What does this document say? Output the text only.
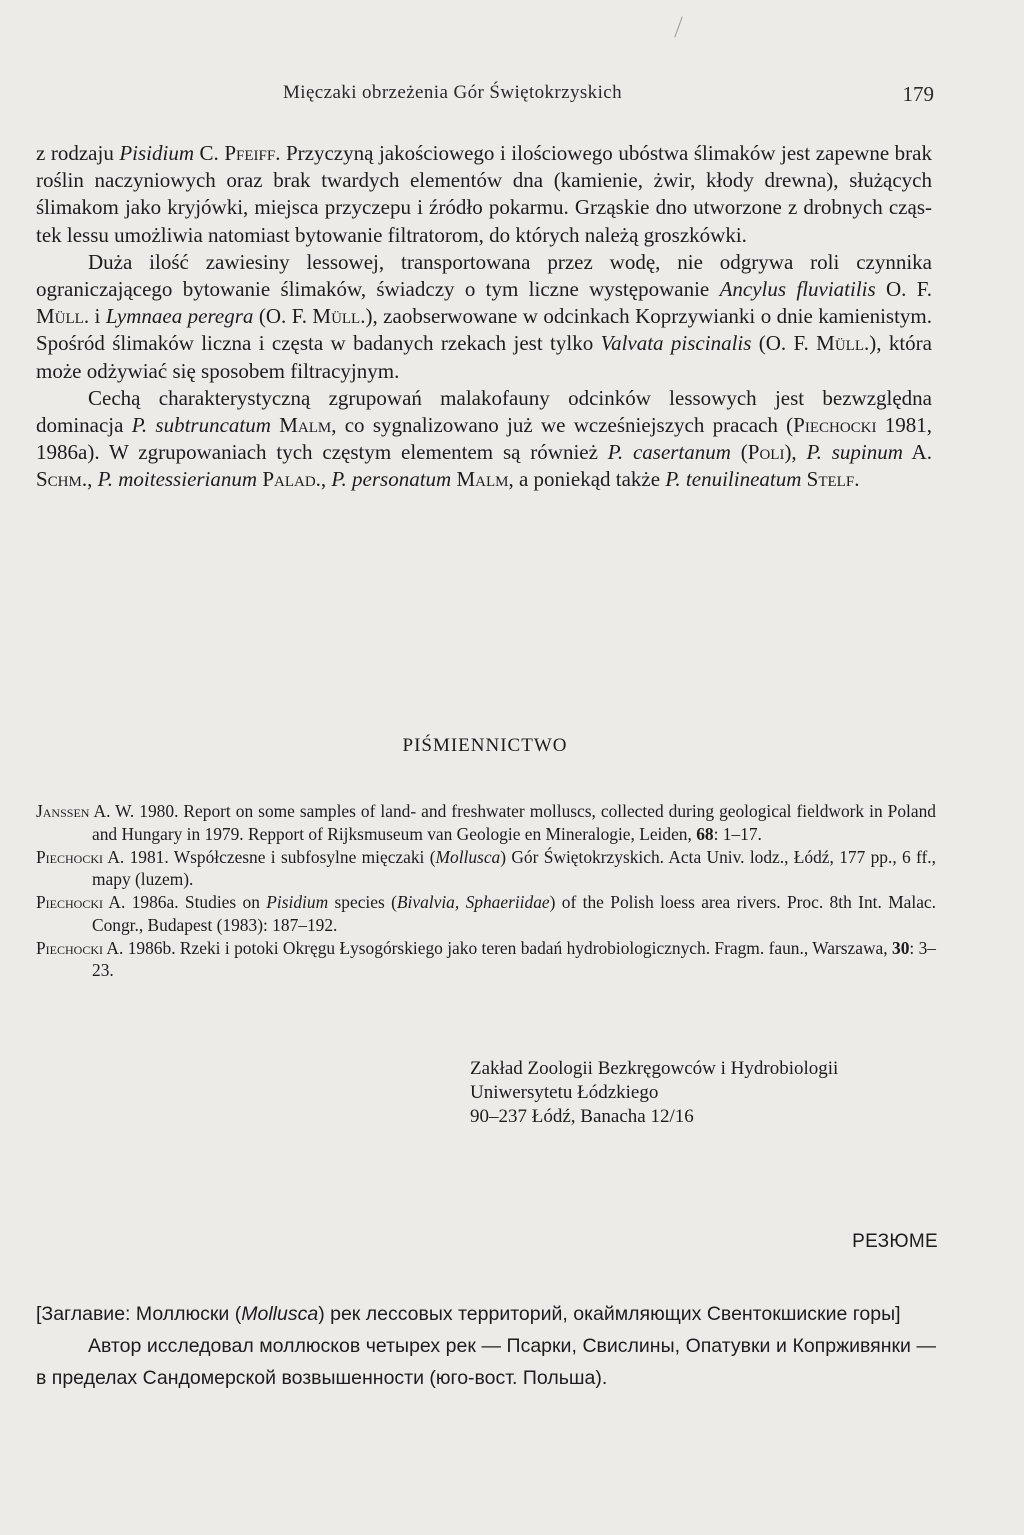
Mięczaki obrzeżenia Gór Świętokrzyskich	179

z rodzaju Pisidium C. Pfeiff. Przyczyną jakościowego i ilościowego ubóstwa ślimaków jest zapewne brak roślin naczyniowych oraz brak twardych elementów dna (kamienie, żwir, kłody drewna), służących ślimakom jako kryjówki, miejsca przyczepu i źródło pokarmu. Grząskie dno utworzone z drobnych cząstek lessu umożliwia natomiast bytowanie filtratorom, do których należą groszkówki.

Duża ilość zawiesiny lessowej, transportowana przez wodę, nie odgrywa roli czynnika ograniczającego bytowanie ślimaków, świadczy o tym liczne występowanie Ancylus fluviatilis O. F. Müll. i Lymnaea peregra (O. F. Müll.), zaobserwowane w odcinkach Koprzywianki o dnie kamienistym. Spośród ślimaków liczna i częsta w badanych rzekach jest tylko Valvata piscinalis (O. F. Müll.), która może odżywiać się sposobem filtracyjnym.

Cechą charakterystyczną zgrupowań malakofauny odcinków lessowych jest bezwzględna dominacja P. subtruncatum Malm, co sygnalizowano już we wcześniejszych pracach (Piechocki 1981, 1986a). W zgrupowaniach tych częstym elementem są również P. casertanum (Poli), P. supinum A. Schm., P. moitessierianum Palad., P. personatum Malm, a poniekąd także P. tenuilineatum Stelf.

PIŚMIENNICTWO

Janssen A. W. 1980. Report on some samples of land- and freshwater molluscs, collected during geological fieldwork in Poland and Hungary in 1979. Repport of Rijksmuseum van Geologie en Mineralogie, Leiden, 68: 1–17.

Piechocki A. 1981. Współczesne i subfosylne mięczaki (Mollusca) Gór Świętokrzyskich. Acta Univ. lodz., Łódź, 177 pp., 6 ff., mapy (luzem).

Piechocki A. 1986a. Studies on Pisidium species (Bivalvia, Sphaeriidae) of the Polish loess area rivers. Proc. 8th Int. Malac. Congr., Budapest (1983): 187–192.

Piechocki A. 1986b. Rzeki i potoki Okręgu Łysogórskiego jako teren badań hydrobiologicznych. Fragm. faun., Warszawa, 30: 3–23.

Zakład Zoologii Bezkręgowców i Hydrobiologii
Uniwersytetu Łódzkiego
90–237 Łódź, Banacha 12/16
РЕЗЮМЕ

[Заглавие: Моллюски (Mollusca) рек лессовых территорий, окаймляющих Свентокшиские горы]

Автор исследовал моллюсков четырех рек — Псарки, Свислины, Опатувки и Копрживянки — в пределах Сандомерской возвышенности (юго-вост. Польша).
